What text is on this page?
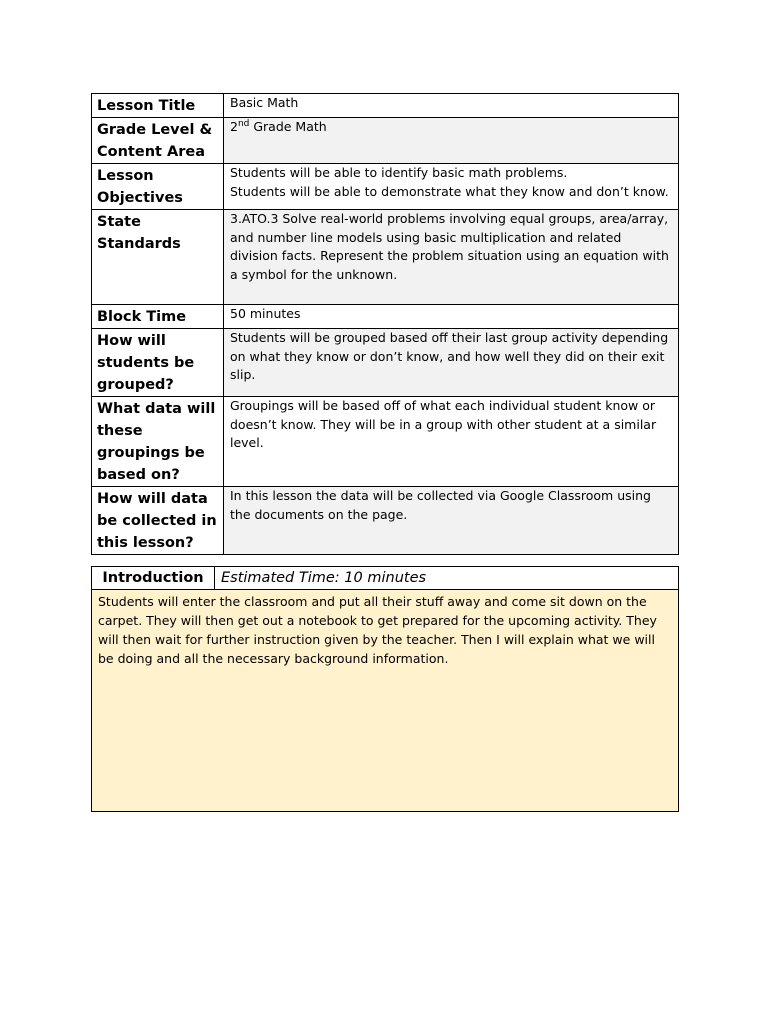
Lesson Title	Basic Math
Grade Level & Content Area	2nd Grade Math
Lesson Objectives	Students will be able to identify basic math problems.
Students will be able to demonstrate what they know and don’t know.

State Standards	3.ATO.3 Solve real-world problems involving equal groups, area/array, and number line models using basic multiplication and related division facts. Represent the problem situation using an equation with a symbol for the unknown.
Block Time	50 minutes
How will students be grouped?	Students will be grouped based off their last group activity depending on what they know or don’t know, and how well they did on their exit slip.
What data will these groupings be based on?	Groupings will be based off of what each individual student know or doesn’t know. They will be in a group with other student at a similar level.
How will data be collected in this lesson?	In this lesson the data will be collected via Google Classroom using the documents on the page.
Introduction	Estimated Time: 10 minutes
Students will enter the classroom and put all their stuff away and come sit down on the carpet. They will then get out a notebook to get prepared for the upcoming activity. They will then wait for further instruction given by the teacher. Then I will explain what we will be doing and all the necessary background information.
